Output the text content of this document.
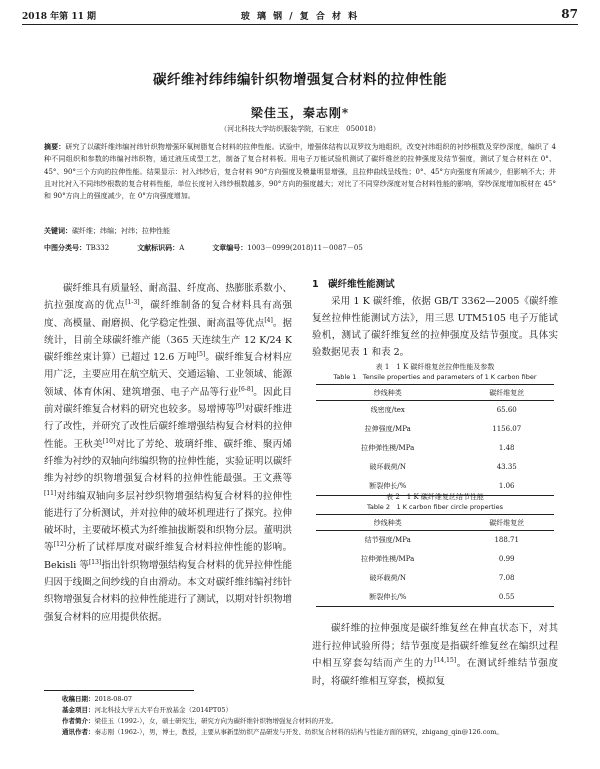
2018 年第 11 期	玻 璃 钢 / 复 合 材 料	87
碳纤维衬纬纬编针织物增强复合材料的拉伸性能
梁佳玉，秦志刚*
（河北科技大学纺织服装学院，石家庄　050018）
摘要：研究了以碳纤维纬编衬纬针织物增强环氧树脂复合材料的拉伸性能。试验中，增强体结构以双罗纹为地组织，改变衬纬组织的衬纱根数及穿纱深度，编织了 4 种不同组织和参数的纬编衬纬织物，通过液压成型工艺，制备了复合材料板。用电子万能试验机测试了碳纤维丝的拉伸强度及结节强度，测试了复合材料在 0°、45°、90°三个方向的拉伸性能。结果显示：衬入纬纱后，复合材料 90°方向强度及模量明显增强，且拉伸曲线呈线性；0°、45°方向强度有所减少，但影响不大；并且对比衬入不同纬纱根数的复合材料性能，单位长度衬入纬纱根数越多，90°方向的强度越大；对比了不同穿纱深度对复合材料性能的影响，穿纱深度增加板材在 45°和 90°方向上的强度减少，在 0°方向强度增加。
关键词：碳纤维；纬编；衬纬；拉伸性能
中图分类号：TB332	文献标识码：A	文章编号：1003－0999(2018)11－0087－05

碳纤维具有质量轻、耐高温、纤度高、热膨胀系数小、抗拉强度高的优点[1-3]，碳纤维制备的复合材料具有高强度、高模量、耐磨损、化学稳定性强、耐高温等优点[4]。据统计，目前全球碳纤维产能（365 天连续生产 12 K/24 K 碳纤维丝束计算）已超过 12.6 万吨[5]。碳纤维复合材料应用广泛，主要应用在航空航天、交通运输、工业领域、能源领域、体育休闲、建筑增强、电子产品等行业[6-8]。因此目前对碳纤维复合材料的研究也较多。易增博等[9]对碳纤维进行了改性，并研究了改性后碳纤维增强结构复合材料的拉伸性能。王秋美[10]对比了芳纶、玻璃纤维、碳纤维、聚丙烯纤维为衬纱的双轴向纬编织物的拉伸性能，实验证明以碳纤维为衬纱的织物增强复合材料的拉伸性能最强。王文燕等[11]对纬编双轴向多层衬纱织物增强结构复合材料的拉伸性能进行了分析测试，并对拉伸的破坏机理进行了探究。拉伸破坏时，主要破坏模式为纤维抽拔断裂和织物分层。董明洪等[12]分析了试样厚度对碳纤维复合材料拉伸性能的影响。Bekisli 等[13]指出针织物增强结构复合材料的优异拉伸性能归因于线圈之间纱线的自由滑动。本文对碳纤维纬编衬纬针织物增强复合材料的拉伸性能进行了测试，以期对针织物增强复合材料的应用提供依据。

1　碳纤维性能测试

采用 1 K 碳纤维，依据 GB/T 3362—2005《碳纤维复丝拉伸性能测试方法》，用三思 UTM5105 电子万能试验机，测试了碳纤维复丝的拉伸强度及结节强度。具体实验数据见表 1 和表 2。

表 1　1 K 碳纤维复丝拉伸性能及参数
Table 1　Tensile properties and parameters of 1 K carbon fiber
纱线种类	碳纤维复丝
线密度/tex	65.60
拉伸强度/MPa	1156.07
拉伸弹性模/MPa	1.48
破坏载荷/N	43.35
断裂伸长/%	1.06
表 2　1 K 碳纤维复丝结节性能
Table 2　1 K carbon fiber circle properties
纱线种类	碳纤维复丝
结节强度/MPa	188.71
拉伸弹性模/MPa	0.99
破坏载荷/N	7.08
断裂伸长/%	0.55

碳纤维的拉伸强度是碳纤维复丝在伸直状态下，对其进行拉伸试验所得；结节强度是指碳纤维复丝在编织过程中相互穿套勾结而产生的力[14,15]。在测试纤维结节强度时，将碳纤维相互穿套，模拟复

收稿日期：2018-08-07
基金项目：河北科技大学五大平台开放基金（2014PT05）
作者简介：梁佳玉（1992-），女，硕士研究生，研究方向为碳纤维针织物增强复合材料的开发。
通讯作者：秦志刚（1962-），男，博士，教授，主要从事新型纺织产品研发与开发、纺织复合材料的结构与性能方面的研究，zhigang_qin@126.com。
